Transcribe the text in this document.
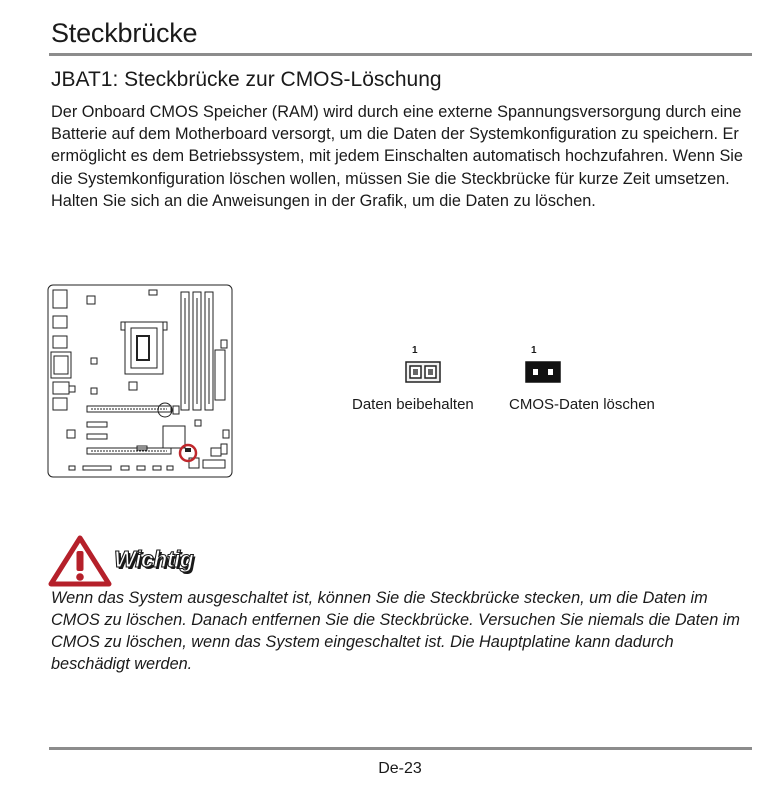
Steckbrücke
JBAT1: Steckbrücke zur CMOS-Löschung

Der Onboard CMOS Speicher (RAM) wird durch eine externe Spannungsversorgung durch eine Batterie auf dem Motherboard versorgt, um die Daten der Systemkonfiguration zu speichern. Er ermöglicht es dem Betriebssystem, mit jedem Einschalten automatisch hochzufahren. Wenn Sie die Systemkonfiguration löschen wollen, müssen Sie die Steckbrücke für kurze Zeit umsetzen. Halten Sie sich an die Anweisungen in der Grafik, um die Daten zu löschen.

1
Daten beibehalten
1
CMOS-Daten löschen
Wichtig

Wenn das System ausgeschaltet ist, können Sie die Steckbrücke stecken, um die Daten im CMOS zu löschen. Danach entfernen Sie die Steckbrücke. Versuchen Sie niemals die Daten im CMOS zu löschen, wenn das System eingeschaltet ist. Die Hauptplatine kann dadurch beschädigt werden.

De-23
